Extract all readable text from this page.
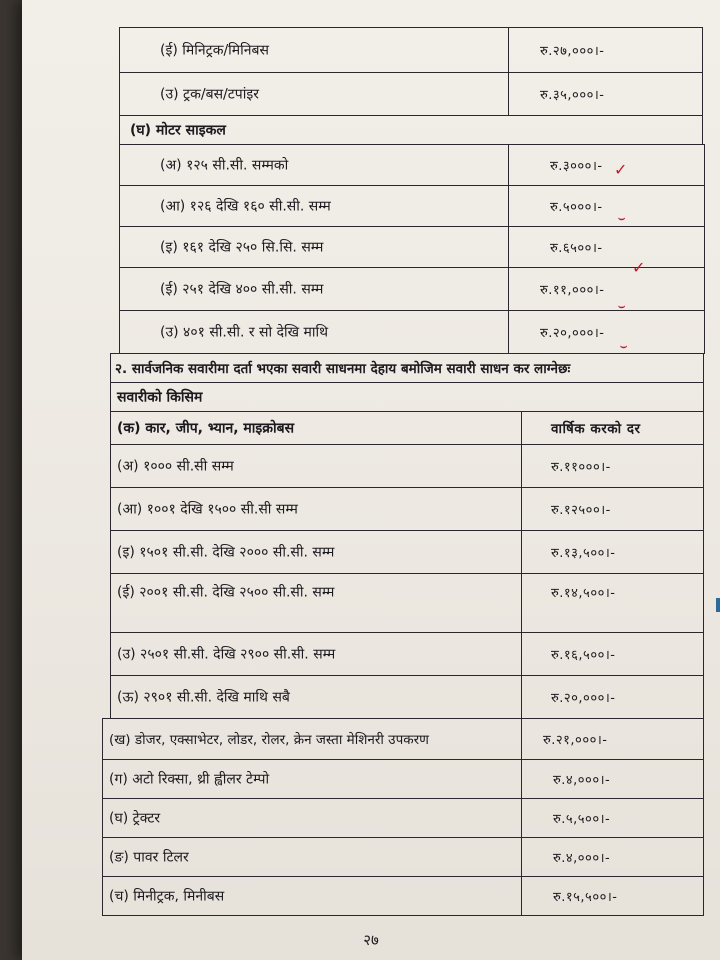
(ई) मिनिट्रक/मिनिबस	रु.२७,०००।-
(उ) ट्रक/बस/टपांइर	रु.३५,०००।-
(घ) मोटर साइकल
(अ) १२५ सी.सी. सम्मको	रु.३०००।-
(आ) १२६ देखि १६० सी.सी. सम्म	रु.५०००।-
(इ) १६१ देखि २५० सि.सि. सम्म	रु.६५००।-
(ई) २५१ देखि ४०० सी.सी. सम्म	रु.११,०००।-
(उ) ४०१ सी.सी. र सो देखि माथि	रु.२०,०००।-
✓
⌣
✓
⌣
⌣
२. सार्वजनिक सवारीमा दर्ता भएका सवारी साधनमा देहाय बमोजिम सवारी साधन कर लाग्नेछः
सवारीको किसिम
(क) कार, जीप, भ्यान, माइक्रोबस	वार्षिक करको दर
(अ) १००० सी.सी सम्म	रु.११०००।-
(आ) १००१ देखि १५०० सी.सी सम्म	रु.१२५००।-
(इ) १५०१ सी.सी. देखि २००० सी.सी. सम्म	रु.१३,५००।-
(ई) २००१ सी.सी. देखि २५०० सी.सी. सम्म	रु.१४,५००।-
(उ) २५०१ सी.सी. देखि २९०० सी.सी. सम्म	रु.१६,५००।-
(ऊ) २९०१ सी.सी. देखि माथि सबै	रु.२०,०००।-
(ख) डोजर, एक्साभेटर, लोडर, रोलर, क्रेन जस्ता मेशिनरी उपकरण	रु.२१,०००।-
(ग) अटो रिक्सा, थ्री ह्वीलर टेम्पो	रु.४,०००।-
(घ) ट्रेक्टर	रु.५,५००।-
(ङ) पावर टिलर	रु.४,०००।-
(च) मिनीट्रक, मिनीबस	रु.१५,५००।-
२७
